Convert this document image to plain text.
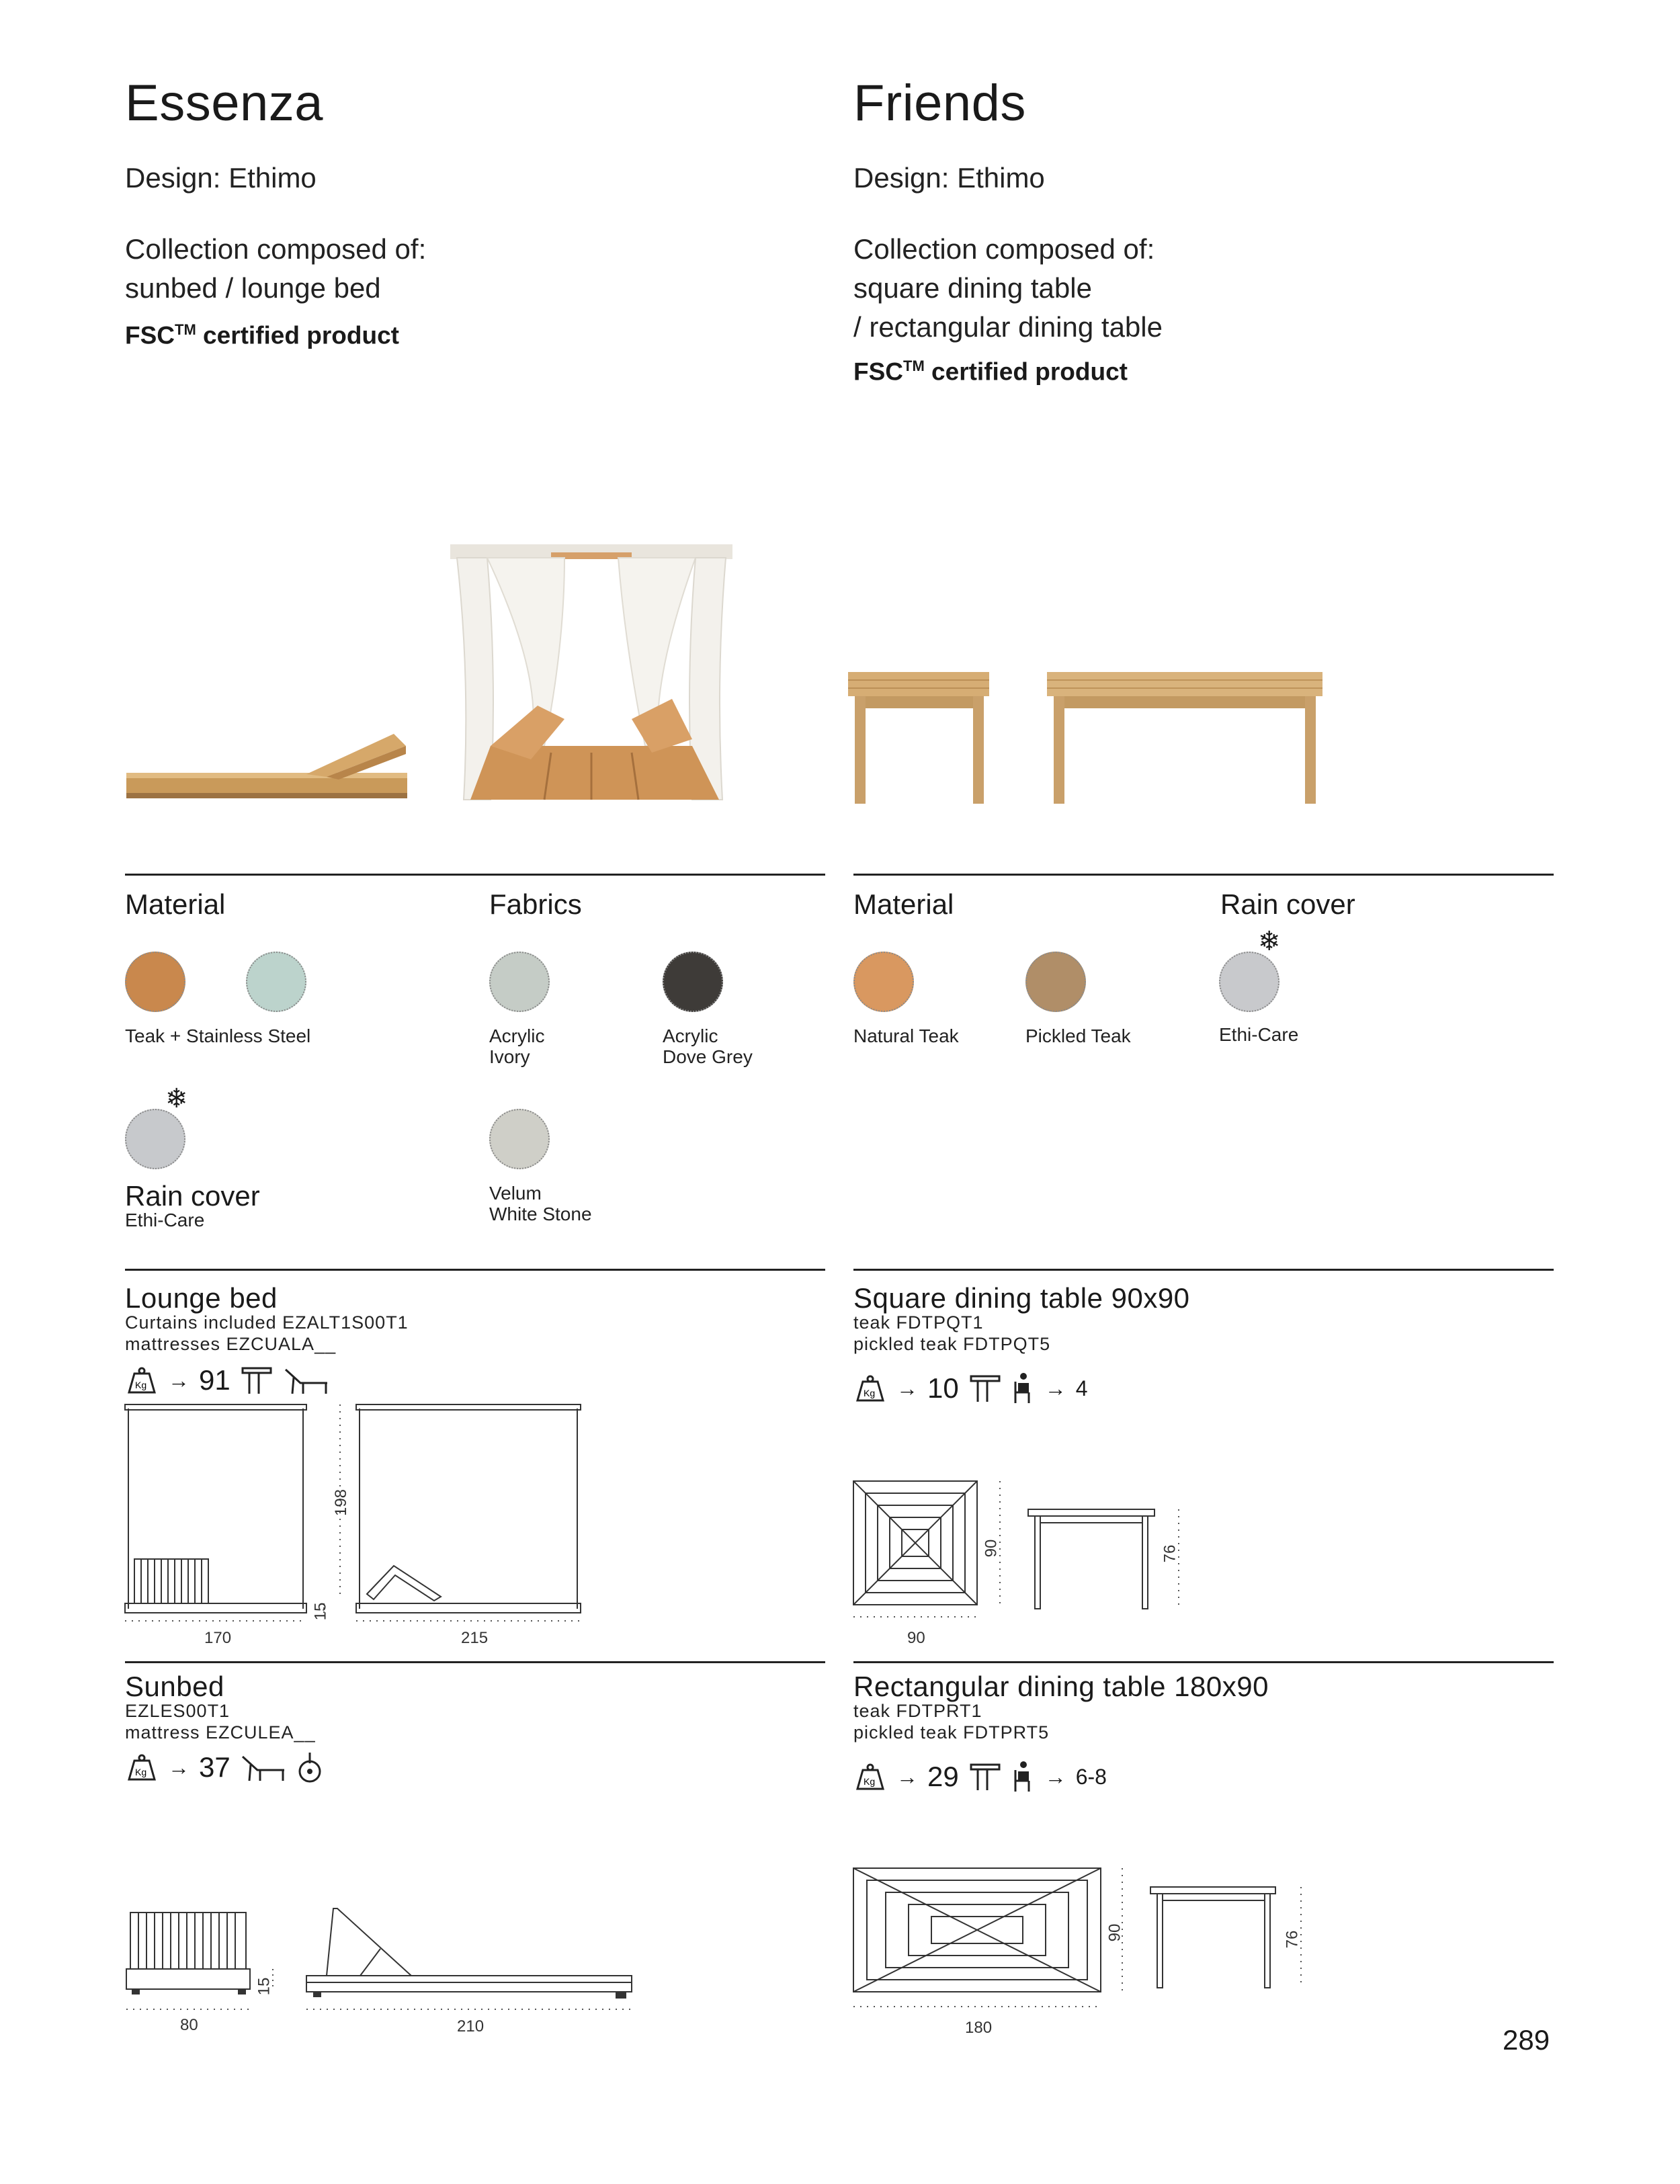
Essenza
Design: Ethimo
Collection composed of:
sunbed / lounge bed
FSC™ certified product
Friends
Design: Ethimo
Collection composed of:
square dining table
/ rectangular dining table
FSC™ certified product
Material	Fabrics
Teak + Stainless Steel	Acrylic
Ivory
Acrylic
Dove Grey
❄
Rain cover
Ethi-Care
Velum
White Stone
Material	Rain cover
Natural Teak	Pickled Teak
❄
Ethi-Care
Lounge bed
Curtains included EZALT1S00T1
mattresses EZCUALA__
Kg → 91
170	215
198
15
Sunbed
EZLES00T1
mattress EZCULEA__
Kg → 37
80	210
15
Square dining table 90x90
teak FDTPQT1
pickled teak FDTPQT5
Kg → 10	→ 4
90
90	76
Rectangular dining table 180x90
teak FDTPRT1
pickled teak FDTPRT5
Kg → 29	→ 6-8
180
90	76
289
